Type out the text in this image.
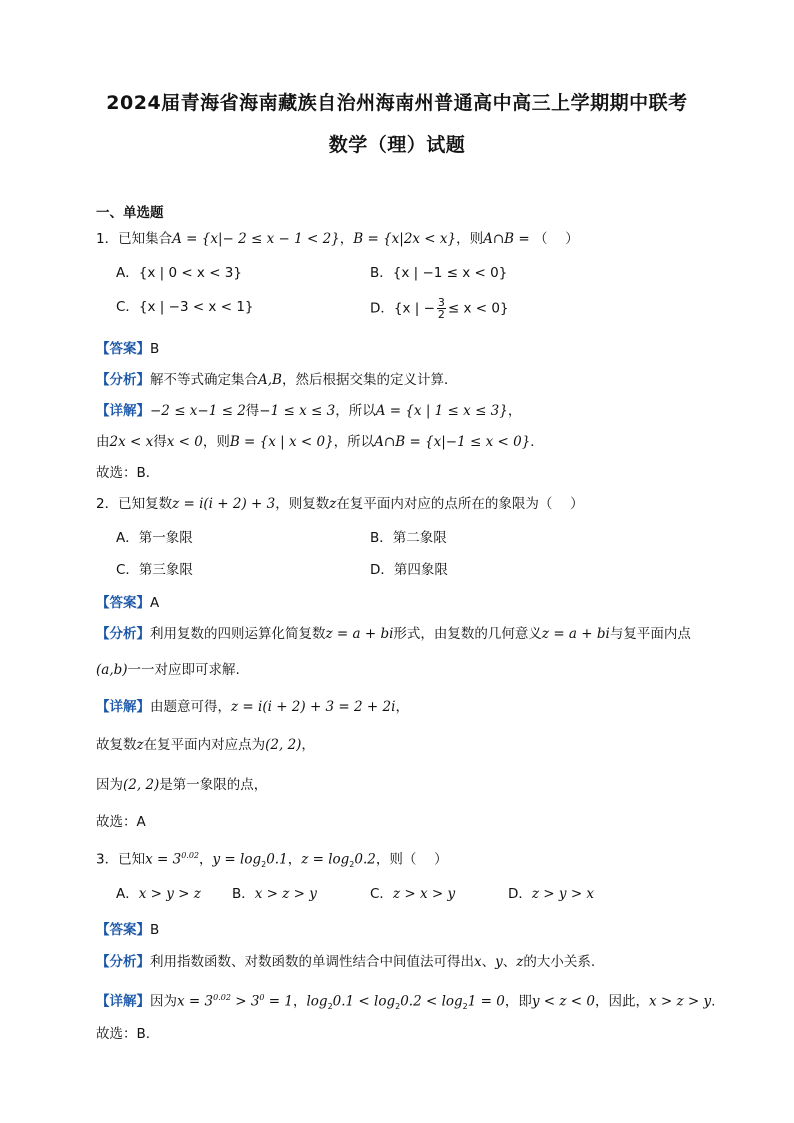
2024届青海省海南藏族自治州海南州普通高中高三上学期期中联考
数学（理）试题
一、单选题
1．已知集合A = {x|− 2 ≤ x − 1 < 2}，B = {x|2x < x}，则A∩B = （　 ）
A．{x | 0 < x < 3}	B．{x | −1 ≤ x < 0}
C．{x | −3 < x < 1}	D．{x | − $\frac{3}{2} \le x < 0$}
【答案】B
【分析】解不等式确定集合A,B，然后根据交集的定义计算．
【详解】−2 ≤ x−1 ≤ 2得−1 ≤ x ≤ 3，所以A = {x | 1 ≤ x ≤ 3}，
由2x < x得x < 0，则B = {x | x < 0}，所以A∩B = {x|−1 ≤ x < 0}．
故选：B．
2．已知复数z = i(i + 2) + 3，则复数z在复平面内对应的点所在的象限为（　 ）
A．第一象限	B．第二象限
C．第三象限	D．第四象限
【答案】A
【分析】利用复数的四则运算化简复数z = a + bi形式，由复数的几何意义z = a + bi与复平面内点
(a,b)一一对应即可求解.
【详解】由题意可得，z = i(i + 2) + 3 = 2 + 2i，
故复数z在复平面内对应点为(2, 2)，
因为(2, 2)是第一象限的点，
故选：A
3．已知$x = 3^{0.02}$，$y = \log_20.1$，$z = \log_20.2$，则（　 ）
A．x > y > z B．x > z > y	C．z > x > y	D．z > y > x
【答案】B
【分析】利用指数函数、对数函数的单调性结合中间值法可得出x、y、z的大小关系.
【详解】因为$x = 3^{0.02} > 3^0 = 1$，$\log_20.1 < \log_20.2 < \log_21 = 0$，即y < z < 0，因此，x > z > y.
故选：B.
